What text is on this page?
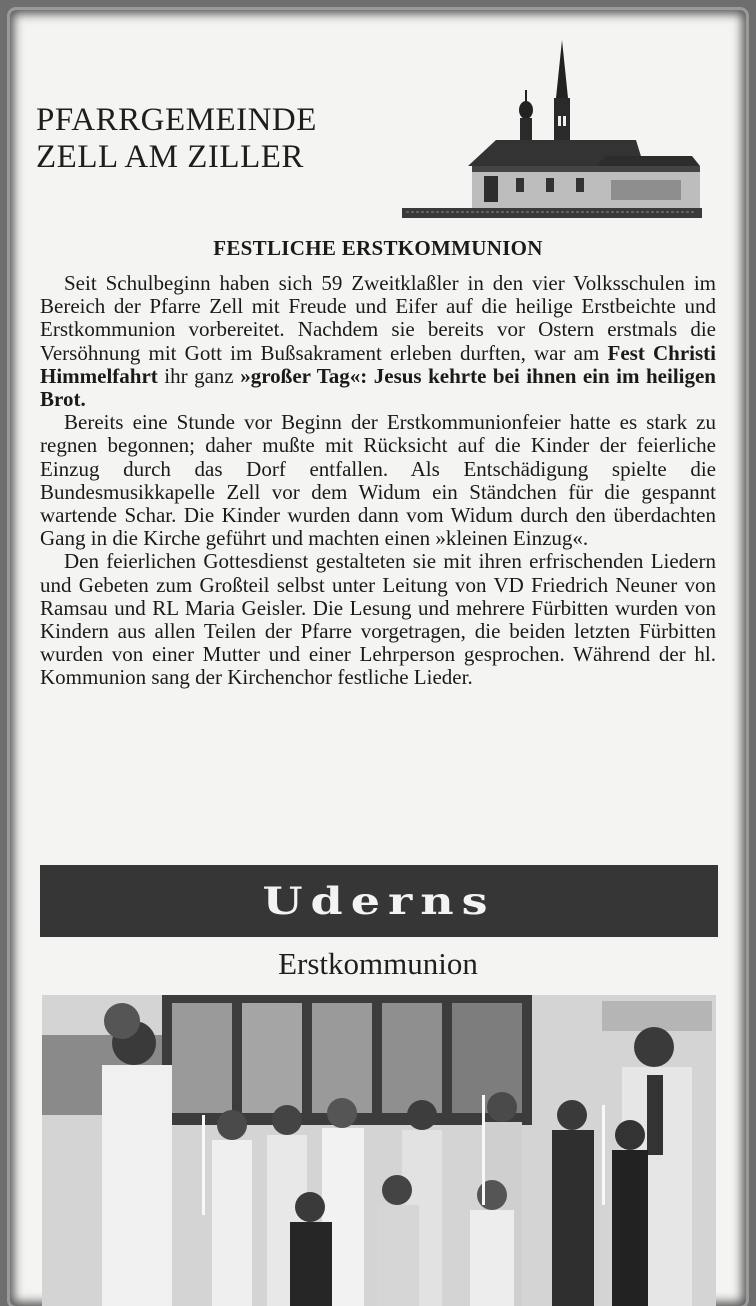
PFARRGEMEINDE
ZELL AM ZILLER
FESTLICHE ERSTKOMMUNION

Seit Schulbeginn haben sich 59 Zweitklaßler in den vier Volksschulen im Bereich der Pfarre Zell mit Freude und Eifer auf die heilige Erstbeichte und Erstkommunion vorbereitet. Nachdem sie bereits vor Ostern erstmals die Versöhnung mit Gott im Bußsakrament erleben durften, war am Fest Christi Himmelfahrt ihr ganz »großer Tag«: Jesus kehrte bei ihnen ein im heiligen Brot.

Bereits eine Stunde vor Beginn der Erstkommunionfeier hatte es stark zu regnen begonnen; daher mußte mit Rücksicht auf die Kinder der feierliche Einzug durch das Dorf entfallen. Als Entschädigung spielte die Bundesmusikkapelle Zell vor dem Widum ein Ständchen für die gespannt wartende Schar. Die Kinder wurden dann vom Widum durch den überdachten Gang in die Kirche geführt und machten einen »kleinen Einzug«.

Den feierlichen Gottesdienst gestalteten sie mit ihren erfrischenden Liedern und Gebeten zum Großteil selbst unter Leitung von VD Friedrich Neuner von Ramsau und RL Maria Geisler. Die Lesung und mehrere Fürbitten wurden von Kindern aus allen Teilen der Pfarre vorgetragen, die beiden letzten Fürbitten wurden von einer Mutter und einer Lehrperson gesprochen. Während der hl. Kommunion sang der Kirchenchor festliche Lieder.

Uderns
Erstkommunion
